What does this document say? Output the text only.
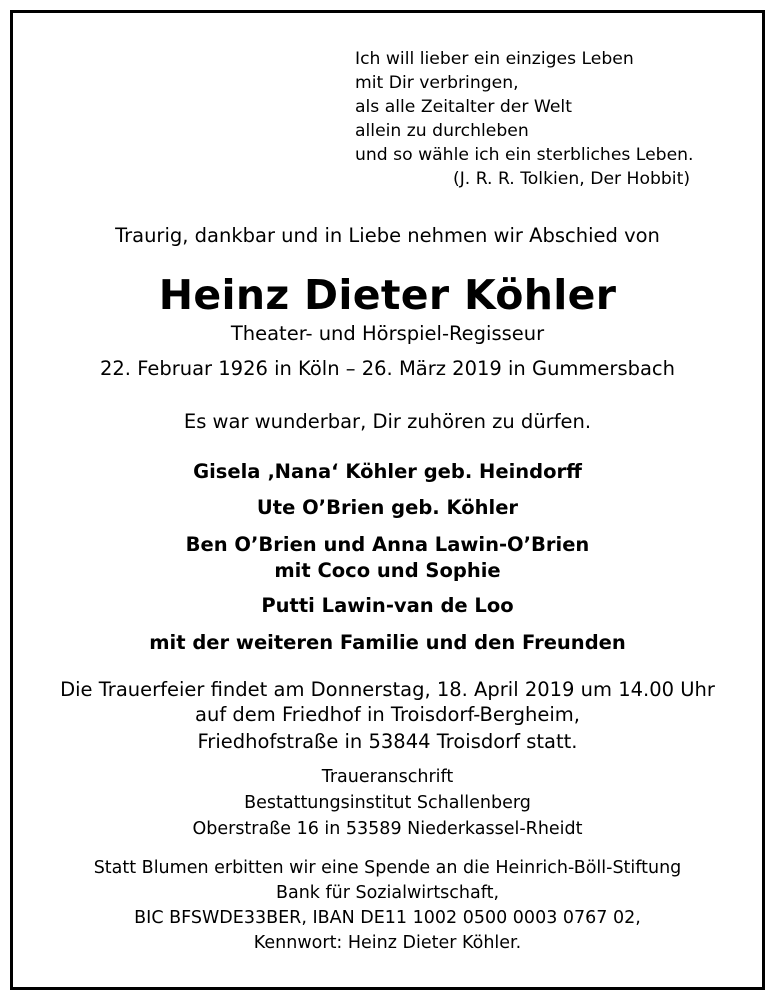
Ich will lieber ein einziges Leben
mit Dir verbringen,
als alle Zeitalter der Welt
allein zu durchleben
und so wähle ich ein sterbliches Leben.
(J. R. R. Tolkien, Der Hobbit)
Traurig, dankbar und in Liebe nehmen wir Abschied von
Heinz Dieter Köhler
Theater- und Hörspiel-Regisseur
22. Februar 1926 in Köln – 26. März 2019 in Gummersbach
Es war wunderbar, Dir zuhören zu dürfen.
Gisela ‚Nana‘ Köhler geb. Heindorff
Ute O’Brien geb. Köhler
Ben O’Brien und Anna Lawin-O’Brien
mit Coco und Sophie
Putti Lawin-van de Loo
mit der weiteren Familie und den Freunden
Die Trauerfeier findet am Donnerstag, 18. April 2019 um 14.00 Uhr
auf dem Friedhof in Troisdorf-Bergheim,
Friedhofstraße in 53844 Troisdorf statt.
Traueranschrift
Bestattungsinstitut Schallenberg
Oberstraße 16 in 53589 Niederkassel-Rheidt
Statt Blumen erbitten wir eine Spende an die Heinrich-Böll-Stiftung
Bank für Sozialwirtschaft,
BIC BFSWDE33BER, IBAN DE11 1002 0500 0003 0767 02,
Kennwort: Heinz Dieter Köhler.
